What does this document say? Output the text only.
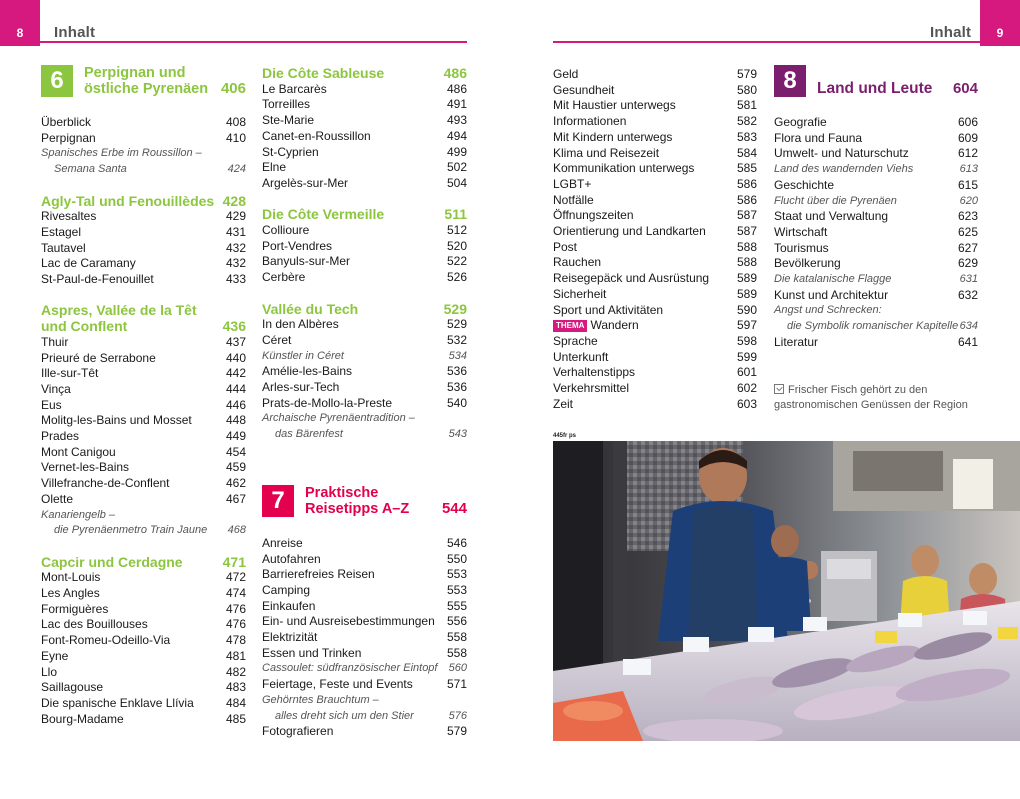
8	Inhalt	9
Inhalt
6	Perpignan und östliche Pyrenäen 406
Überblick	408
Perpignan	410
Spanisches Erbe im Roussillon –
Semana Santa	424
Agly-Tal und Fenouillèdes 428
Rivesaltes	429
Estagel	431
Tautavel	432
Lac de Caramany	432
St-Paul-de-Fenouillet	433
Aspres, Vallée de la Têt
und Conflent	436
Thuir	437
Prieuré de Serrabone	440
Ille-sur-Têt	442
Vinça	444
Eus	446
Molitg-les-Bains und Mosset	448
Prades	449
Mont Canigou	454
Vernet-les-Bains	459
Villefranche-de-Conflent	462
Olette	467
Kanariengelb –
die Pyrenäenmetro Train Jaune 468
Capcir und Cerdagne	471
Mont-Louis	472
Les Angles	474
Formiguères	476
Lac des Bouillouses	476
Font-Romeu-Odeillo-Via	478
Eyne	481
Llo	482
Saillagouse	483
Die spanische Enklave Llívia	484
Bourg-Madame	485
Die Côte Sableuse	486
Le Barcarès	486
Torreilles	491
Ste-Marie	493
Canet-en-Roussillon	494
St-Cyprien	499
Elne	502
Argelès-sur-Mer	504
Die Côte Vermeille	511
Collioure	512
Port-Vendres	520
Banyuls-sur-Mer	522
Cerbère	526
Vallée du Tech	529
In den Albères	529
Céret	532
Künstler in Céret	534
Amélie-les-Bains	536
Arles-sur-Tech	536
Prats-de-Mollo-la-Preste	540
Archaische Pyrenäentradition –
das Bärenfest	543
7	Praktische
Reisetipps A–Z	544
Anreise	546
Autofahren	550
Barrierefreies Reisen	553
Camping	553
Einkaufen	555
Ein- und Ausreisebestimmungen 556
Elektrizität	558
Essen und Trinken	558
Cassoulet: südfranzösischer Eintopf 560
Feiertage, Feste und Events	571
Gehörntes Brauchtum –
alles dreht sich um den Stier	576
Fotografieren	579
Geld	579
Gesundheit	580
Mit Haustier unterwegs	581
Informationen	582
Mit Kindern unterwegs	583
Klima und Reisezeit	584
Kommunikation unterwegs	585
LGBT+	586
Notfälle	586
Öffnungszeiten	587
Orientierung und Landkarten	587
Post	588
Rauchen	588
Reisegepäck und Ausrüstung 589
Sicherheit	589
Sport und Aktivitäten	590
THEMA Wandern	597
Sprache	598
Unterkunft	599
Verhaltenstipps	601
Verkehrsmittel	602
Zeit	603
8	Land und Leute	604
Geografie	606
Flora und Fauna	609
Umwelt- und Naturschutz	612
Land des wandernden Viehs	613
Geschichte	615
Flucht über die Pyrenäen	620
Staat und Verwaltung	623
Wirtschaft	625
Tourismus	627
Bevölkerung	629
Die katalanische Flagge	631
Kunst und Architektur	632
Angst und Schrecken:
die Symbolik romanischer Kapitelle 634
Literatur	641
Frischer Fisch gehört zu den
gastronomischen Genüssen der Region
445fr ps
